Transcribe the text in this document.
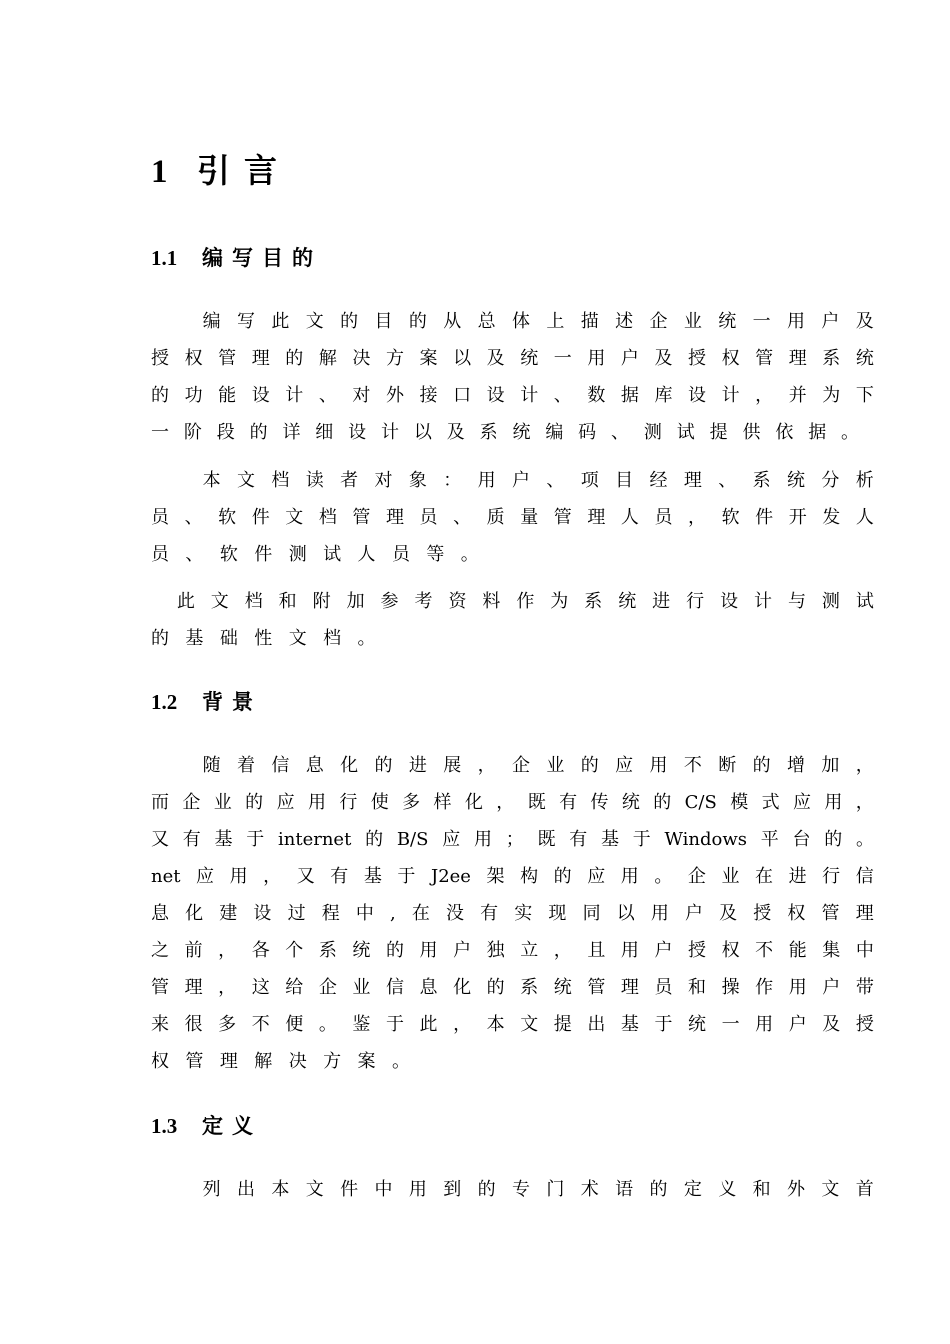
1 引言
1.1	编写目的
编 写 此 文 的 目 的 从 总 体 上 描 述 企 业 统 一 用 户 及
授 权 管 理 的 解 决 方 案 以 及 统 一 用 户 及 授 权 管 理 系 统
的 功 能 设 计 、 对 外 接 口 设 计 、 数 据 库 设 计 ， 并 为 下
一 阶 段 的 详 细 设 计 以 及 系 统 编 码 、 测 试 提 供 依 据 。
本 文 档 读 者 对 象 ： 用 户 、 项 目 经 理 、 系 统 分 析
员 、 软 件 文 档 管 理 员 、 质 量 管 理 人 员 ， 软 件 开 发 人
员 、 软 件 测 试 人 员 等 。
此 文 档 和 附 加 参 考 资 料 作 为 系 统 进 行 设 计 与 测 试
的 基 础 性 文 档 。
1.2	背景
随 着 信 息 化 的 进 展 ， 企 业 的 应 用 不 断 的 增 加 ，
而 企 业 的 应 用 行 使 多 样 化 ， 既 有 传 统 的 C/S 模 式 应 用 ，
又 有 基 于 internet 的 B/S 应 用 ； 既 有 基 于 Windows 平 台 的 。
net 应 用 ， 又 有 基 于 J2ee 架 构 的 应 用 。 企 业 在 进 行 信
息 化 建 设 过 程 中 , 在 没 有 实 现 同 以 用 户 及 授 权 管 理
之 前 ， 各 个 系 统 的 用 户 独 立 ， 且 用 户 授 权 不 能 集 中
管 理 ， 这 给 企 业 信 息 化 的 系 统 管 理 员 和 操 作 用 户 带
来 很 多 不 便 。 鉴 于 此 ， 本 文 提 出 基 于 统 一 用 户 及 授
权 管 理 解 决 方 案 。
1.3	定义
列 出 本 文 件 中 用 到 的 专 门 术 语 的 定 义 和 外 文 首
